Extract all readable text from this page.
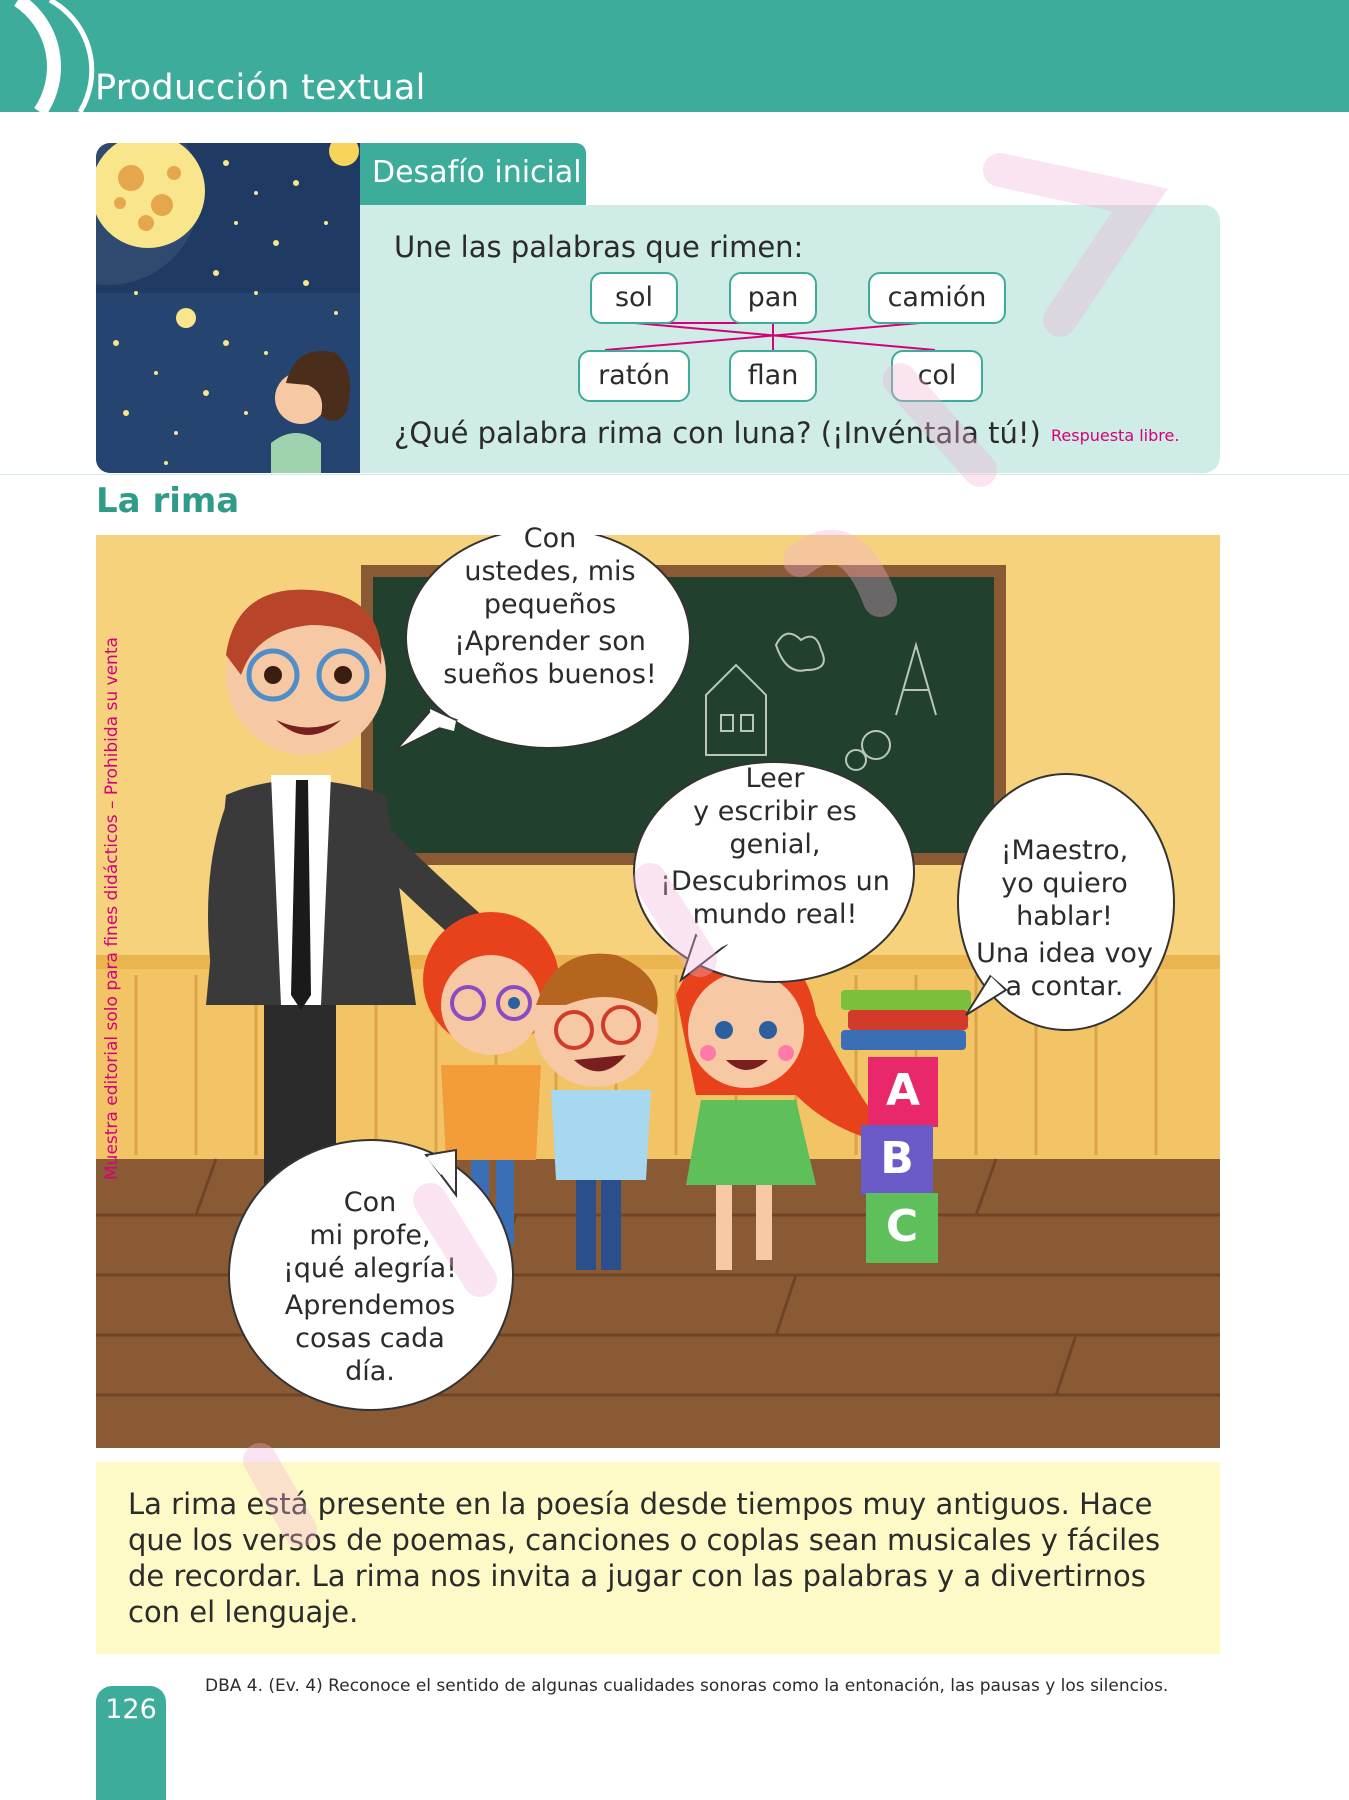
Producción textual
Desafío inicial
Une las palabras que rimen:
sol	pan	camión
ratón	flan	col
¿Qué palabra rima con luna? (¡Invéntala tú!) Respuesta libre.
La rima
A
B
C
Con
ustedes, mis
pequeños
¡Aprender son
sueños buenos!
Leer
y escribir es
genial,
¡Descubrimos un
mundo real!
¡Maestro,
yo quiero
hablar!
Una idea voy
a contar.
Con
mi profe,
¡qué alegría!
Aprendemos
cosas cada
día.
La rima está presente en la poesía desde tiempos muy antiguos. Hace que los versos de poemas, canciones o coplas sean musicales y fáciles de recordar. La rima nos invita a jugar con las palabras y a divertirnos con el lenguaje.
126
DBA 4. (Ev. 4) Reconoce el sentido de algunas cualidades sonoras como la entonación, las pausas y los silencios.
Muestra editorial solo para fines didácticos – Prohibida su venta
